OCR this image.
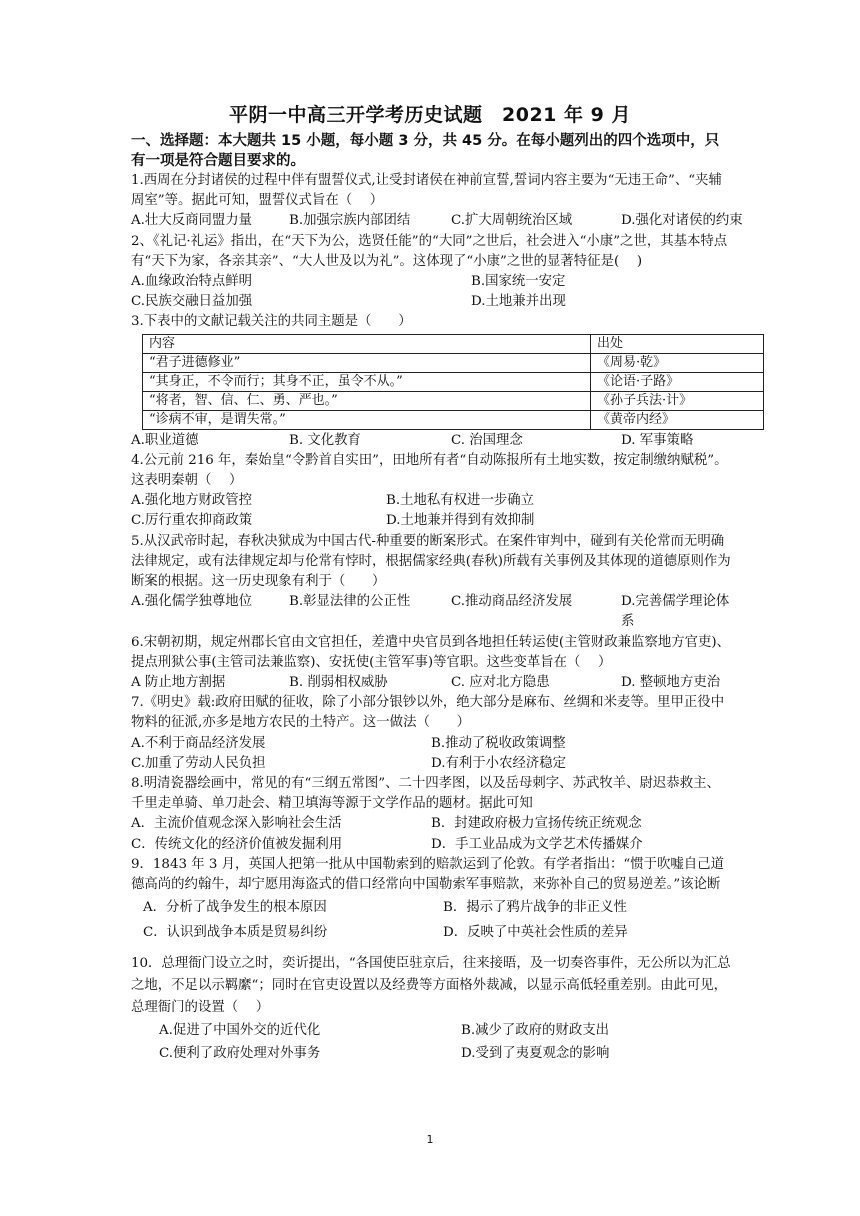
平阴一中高三开学考历史试题　2021 年 9 月
一、选择题：本大题共 15 小题，每小题 3 分，共 45 分。在每小题列出的四个选项中，只有一项是符合题目要求的。

1.西周在分封诸侯的过程中伴有盟誓仪式,让受封诸侯在神前宣誓,誓词内容主要为“无违王命”、“夹辅周室”等。据此可知，盟誓仪式旨在（　 ）

A.壮大反商同盟力量	B.加强宗族内部团结	C.扩大周朝统治区域	D.强化对诸侯的约束

2、《礼记·礼运》指出，在“天下为公，选贤任能”的“大同”之世后，社会进入“小康”之世，其基本特点有“天下为家，各亲其亲”、“大人世及以为礼”。这体现了“小康”之世的显著特征是(　 )

A.血缘政治特点鲜明	B.国家统一安定
C.民族交融日益加强	D.土地兼并出现

3.下表中的文献记载关注的共同主题是（　　）

内容	出处
“君子进德修业”	《周易·乾》
“其身正，不令而行；其身不正，虽令不从。”	《论语·子路》
“将者，智、信、仁、勇、严也。”	《孙子兵法·计》
“诊病不审，是谓失常。”	《黄帝内经》
A.职业道德	B. 文化教育	C. 治国理念	D. 军事策略

4.公元前 216 年，秦始皇“令黔首自实田”，田地所有者“自动陈报所有土地实数，按定制缴纳赋税”。这表明秦朝（　 ）

A.强化地方财政管控	B.土地私有权进一步确立
C.厉行重农抑商政策	D.土地兼并得到有效抑制

5.从汉武帝时起，春秋决狱成为中国古代-种重要的断案形式。在案件审判中，碰到有关伦常而无明确法律规定，或有法律规定却与伦常有悖时，根据儒家经典(春秋)所载有关事例及其体现的道德原则作为断案的根据。这一历史现象有利于（　　）

A.强化儒学独尊地位	B.彰显法律的公正性	C.推动商品经济发展	D.完善儒学理论体系

6.宋朝初期，规定州郡长官由文官担任，差遣中央官员到各地担任转运使(主管财政兼监察地方官吏)、提点刑狱公事(主管司法兼监察)、安抚使(主管军事)等官职。这些变革旨在（　 ）

A 防止地方割据	B. 削弱相权威胁	C. 应对北方隐患	D. 整顿地方吏治

7.《明史》载:政府田赋的征收，除了小部分银钞以外，绝大部分是麻布、丝绸和米麦等。里甲正役中物料的征派,亦多是地方农民的土特产。这一做法（　　）

A.不利于商品经济发展	B.推动了税收政策调整
C.加重了劳动人民负担	D.有利于小农经济稳定

8.明清瓷器绘画中，常见的有“三纲五常图”、二十四孝图，以及岳母刺字、苏武牧羊、尉迟恭救主、千里走单骑、单刀赴会、精卫填海等源于文学作品的题材。据此可知

A．主流价值观念深入影响社会生活	B．封建政府极力宣扬传统正统观念
C．传统文化的经济价值被发掘利用	D．手工业品成为文学艺术传播媒介

9．1843 年 3 月，英国人把第一批从中国勒索到的赔款运到了伦敦。有学者指出：“惯于吹嘘自己道德高尚的约翰牛，却宁愿用海盗式的借口经常向中国勒索军事赔款，来弥补自己的贸易逆差。”该论断

A．分析了战争发生的根本原因	B．揭示了鸦片战争的非正义性
C．认识到战争本质是贸易纠纷	D．反映了中英社会性质的差异

10．总理衙门设立之时，奕䜣提出，“各国使臣驻京后，往来接晤，及一切奏咨事件，无公所以为汇总之地，不足以示羁縻“；同时在官吏设置以及经费等方面格外裁减，以显示高低轻重差别。由此可见，总理衙门的设置（　 ）

A.促进了中国外交的近代化	B.减少了政府的财政支出
C.便利了政府处理对外事务	D.受到了夷夏观念的影响
1
